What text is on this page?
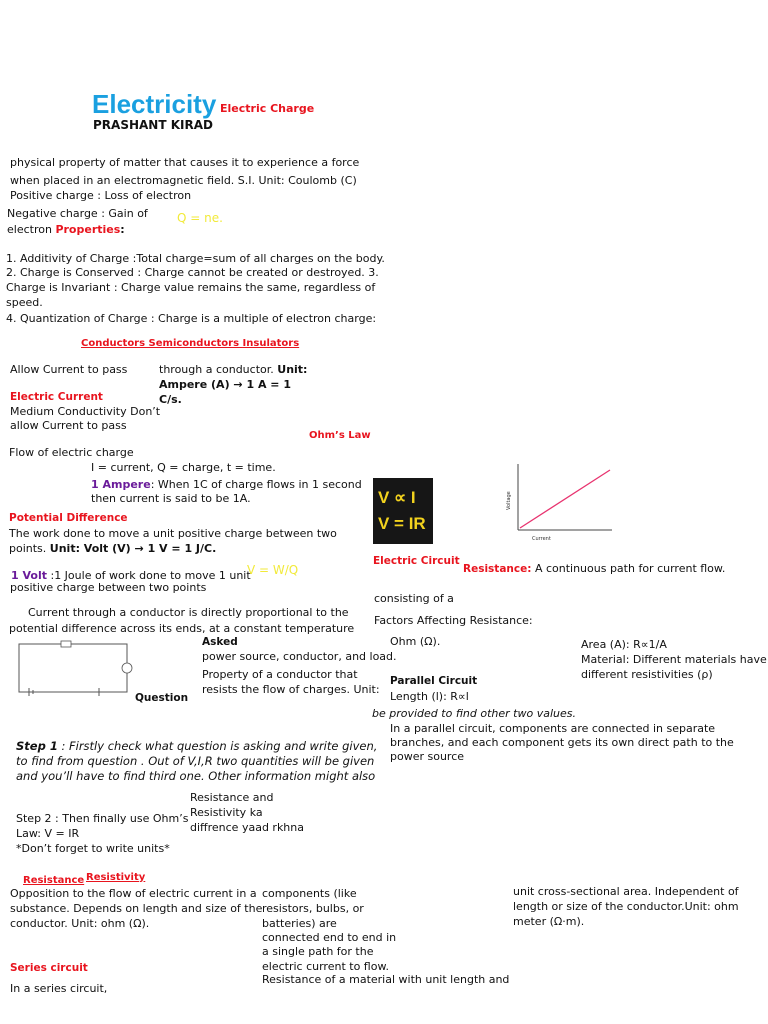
Electricity Electric Charge
PRASHANT KIRAD
physical property of matter that causes it to experience a force
when placed in an electromagnetic field. S.I. Unit: Coulomb (C)
Positive charge : Loss of electron
Negative charge : Gain of
electron Properties:
Q = ne.
1. Additivity of Charge :Total charge=sum of all charges on the body.
2. Charge is Conserved : Charge cannot be created or destroyed. 3.
Charge is Invariant : Charge value remains the same, regardless of
speed.
4. Quantization of Charge : Charge is a multiple of electron charge:
Conductors Semiconductors Insulators
Allow Current to pass	through a conductor. Unit:
Ampere (A) → 1 A = 1
C/s.
Electric Current
Medium Conductivity Don’t
allow Current to pass
Ohm’s Law
Flow of electric charge
I = current, Q = charge, t = time.
1 Ampere: When 1C of charge flows in 1 second
then current is said to be 1A.
Potential Difference
The work done to move a unit positive charge between two
points. Unit: Volt (V) → 1 V = 1 J/C.
1 Volt :1 Joule of work done to move 1 unit
positive charge between two points
V = W/Q
V ∝ I
V = IR
Voltage
Current
Electric Circuit
Resistance: A continuous path for current flow.
consisting of a
Factors Affecting Resistance:
Ohm (Ω).	Area (A): R∝1/A
Material: Different materials have
different resistivities (ρ)
Current through a conductor is directly proportional to the
potential difference across its ends, at a constant temperature
Asked
power source, conductor, and load.
Property of a conductor that
resists the flow of charges. Unit:
Parallel Circuit
Length (l): R∝l
Question
be provided to find other two values.
In a parallel circuit, components are connected in separate
branches, and each component gets its own direct path to the
power source
Step 1 : Firstly check what question is asking and write given,
to find from question . Out of V,I,R two quantities will be given
and you’ll have to find third one. Other information might also
Resistance and
Resistivity ka
diffrence yaad rkhna
Step 2 : Then finally use Ohm’s
Law: V = IR
*Don’t forget to write units*
Resistance Resistivity
Opposition to the flow of electric current in a
substance. Depends on length and size of the
conductor. Unit: ohm (Ω).
components (like
resistors, bulbs, or
batteries) are
connected end to end in
a single path for the
electric current to flow.
unit cross-sectional area. Independent of
length or size of the conductor.Unit: ohm
meter (Ω·m).
Resistance of a material with unit length and
Series circuit
In a series circuit,
